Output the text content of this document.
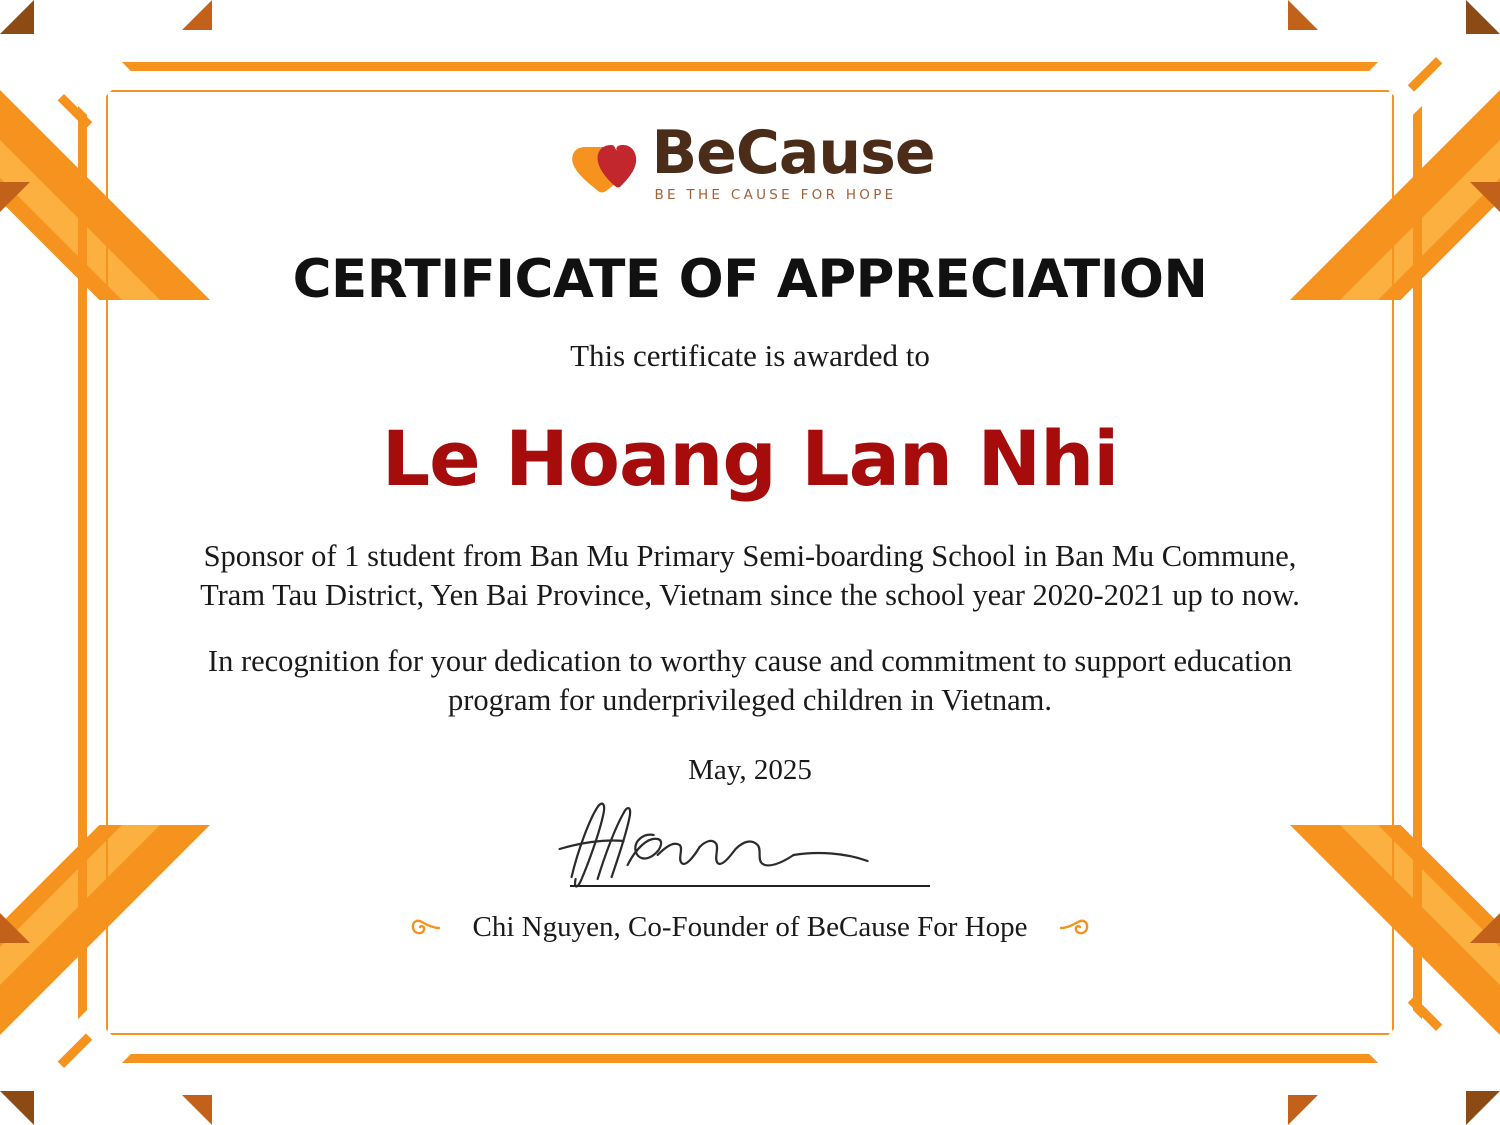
BeCause
BE THE CAUSE FOR HOPE
CERTIFICATE OF APPRECIATION
This certificate is awarded to
Le Hoang Lan Nhi
Sponsor of 1 student from Ban Mu Primary Semi-boarding School in Ban Mu Commune, Tram Tau District, Yen Bai Province, Vietnam since the school year 2020-2021 up to now.
In recognition for your dedication to worthy cause and commitment to support education program for underprivileged children in Vietnam.
May, 2025
Chi Nguyen, Co-Founder of BeCause For Hope
